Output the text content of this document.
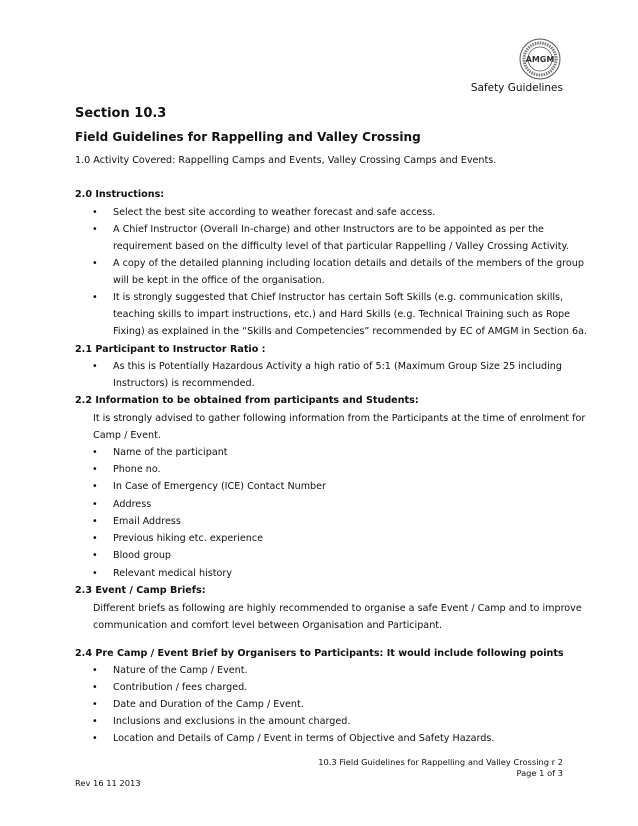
AMGM
Safety Guidelines
Section 10.3
Field Guidelines for Rappelling and Valley Crossing
1.0 Activity Covered: Rappelling Camps and Events, Valley Crossing Camps and Events.
2.0 Instructions:
• Select the best site according to weather forecast and safe access.
• A Chief Instructor (Overall In-charge) and other Instructors are to be appointed as per the
requirement based on the difficulty level of that particular Rappelling / Valley Crossing Activity.
• A copy of the detailed planning including location details and details of the members of the group
will be kept in the office of the organisation.
• It is strongly suggested that Chief Instructor has certain Soft Skills (e.g. communication skills,
teaching skills to impart instructions, etc.) and Hard Skills (e.g. Technical Training such as Rope
Fixing) as explained in the “Skills and Competencies” recommended by EC of AMGM in Section 6a.
2.1 Participant to Instructor Ratio :
• As this is Potentially Hazardous Activity a high ratio of 5:1 (Maximum Group Size 25 including
Instructors) is recommended.
2.2 Information to be obtained from participants and Students:
It is strongly advised to gather following information from the Participants at the time of enrolment for
Camp / Event.
• Name of the participant
• Phone no.
• In Case of Emergency (ICE) Contact Number
• Address
• Email Address
• Previous hiking etc. experience
• Blood group
• Relevant medical history
2.3 Event / Camp Briefs:
Different briefs as following are highly recommended to organise a safe Event / Camp and to improve
communication and comfort level between Organisation and Participant.
2.4 Pre Camp / Event Brief by Organisers to Participants: It would include following points
• Nature of the Camp / Event.
• Contribution / fees charged.
• Date and Duration of the Camp / Event.
• Inclusions and exclusions in the amount charged.
• Location and Details of Camp / Event in terms of Objective and Safety Hazards.
10.3 Field Guidelines for Rappelling and Valley Crossing r 2
Page 1 of 3
Rev 16 11 2013
